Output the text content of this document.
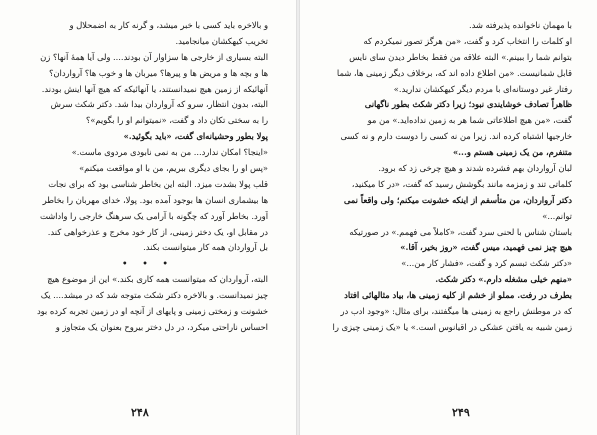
و بالاخره باید کسی با خبر میشد، و گرنه کار به اضمحلال و
تخریب کیهکشان میانجامید.
البته بسیاری از خارجی ها سزاوار آن بودند.... ولی آیا همهٔ آنها؟ زن
ها و بچه ها و مریض ها و پیرها؟ میربان ها و خوب ها؟ آرواردان؟
آنهائیکه از زمین هیچ نمیدانستند، یا آنهائیکه که هیچ آنها اینش بودند.
البته، بدون انتظار، سرو که آرواردان بیدا شد. دکتر شکث سرش
را به سختی تکان داد و گفت، «نمیتوانم او را بگویم»؟
پولا بطور وحشیانه‌ای گفت، «باید بگوئید.»
«اینجا؟ امکان ندارد... من به نمی نابودی مردوی ماست.»
«پس او را بجای دیگری ببریم، من با او مواقعت میکنم»
قلب پولا بشدت میزد. البته این بخاطر شناسی بود که برای نجات
ها بیشماری انسان ها بوجود آمده بود. پولا، خدای مهربان را بخاطر
آورد. بخاطر آورد که چگونه با آرامی یک سرهنگ خارجی را وادا‌شت
در مقابل او، یک دختر زمینی، از کار خود مخرج و عذرخواهی کند.
بل آرواردان همه کار میتوانست بکند.
• • •
البته، آرواردان که میتوانست همه کاری بکند.» این از موضوع هیچ
چیز نمیدانست. و بالاخره دکتر شکث متوجه شد که در میشد.... یک
خشونت و زمختی زمینی و پایهای از آنچه او در زمین تجربه کرده بود
احساس ناراحتی میکرد، در دل دختر بیروح بعنوان یک متجاوز و
۲۴۸
با مهمان ناخوانده پذیرفته شد.
او کلمات را انتخاب کرد و گفت، «من هرگز تصور نمیکردم که
بتوانم شما را ببینم.» البته علاقه من فقط بخاطر دیدن سای نایس
قابل شمانیست. «من اطلاع داده اند که، برخلاف دیگر زمینی ها، شما
رفتار غیر دوستانه‌ای با مردم دیگر کیهکشان ندارید.»
ظاهراً تصادف خوشایندی نبود؛ زیرا دکتر شکث بطور ناگهانی
گفت، «من هیچ اطلاعاتی شما هر به زمین نداده‌اید.» من مو
خارجیها اشتباه کرده اند. زیرا من نه کسی را دوست دارم و نه کسی
متنفرم، من یک زمینی هستم و...»
لبان آرواردان بهم فشرده شدند و هیچ چرخی زد که برود.
کلماتی تند و زمزمه مانند بگوشش رسید که گفت، «در کا میکنید،
دکتر آرواردان، من متأسفم از اینکه خشونت میکنم؛ ولی واقعاً نمی
توانم...»
باستان شناس با لحنی سرد گفت، «کاملاً می فهمم.» در صورتیکه
هیچ چیز نمی فهمید، میس گفت، «روز بخیر، آقا.»
«دکتر شکث تبسم کرد و گفت، «فشار کار من...»
«منهم خیلی مشغله دارم.» دکتر شکث.
بطرف در رفت. مملو از خشم از کلیه زمینی ها، بیاد مثالهائی افتاد
که در موطنش راجع به زمینی ها میگفتند، برای مثال: «وجود ادب در
زمین شبیه به یافتن عشکی در اقیانوس است.» یا «یک زمینی چیزی را
۲۴۹
